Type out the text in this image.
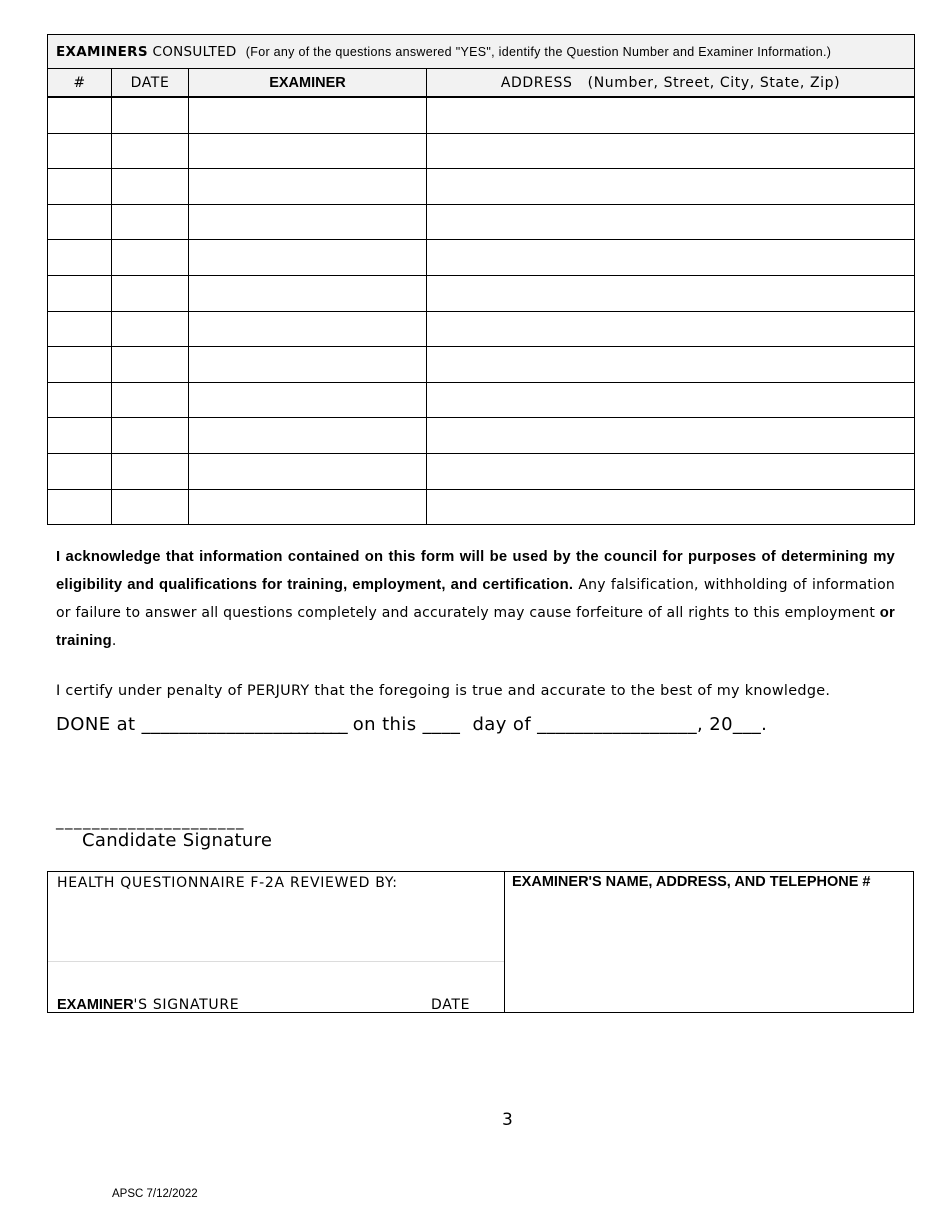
EXAMINERS CONSULTED (For any of the questions answered "YES", identify the Question Number and Examiner Information.)			
#	DATE	EXAMINER	ADDRESS   (Number, Street, City, State, Zip)

I acknowledge that information contained on this form will be used by the council for purposes of determining my eligibility and qualifications for training, employment, and certification. Any falsification, withholding of information or failure to answer all questions completely and accurately may cause forfeiture of all rights to this employment or training.
I certify under penalty of PERJURY that the foregoing is true and accurate to the best of my knowledge.
DONE at _______________________ on this ____  day of _________________, 20___.
_____________________
Candidate Signature
HEALTH QUESTIONNAIRE F-2A REVIEWED BY:
EXAMINER'S SIGNATURE	DATE
EXAMINER'S NAME, ADDRESS, AND TELEPHONE #
3
APSC 7/12/2022
